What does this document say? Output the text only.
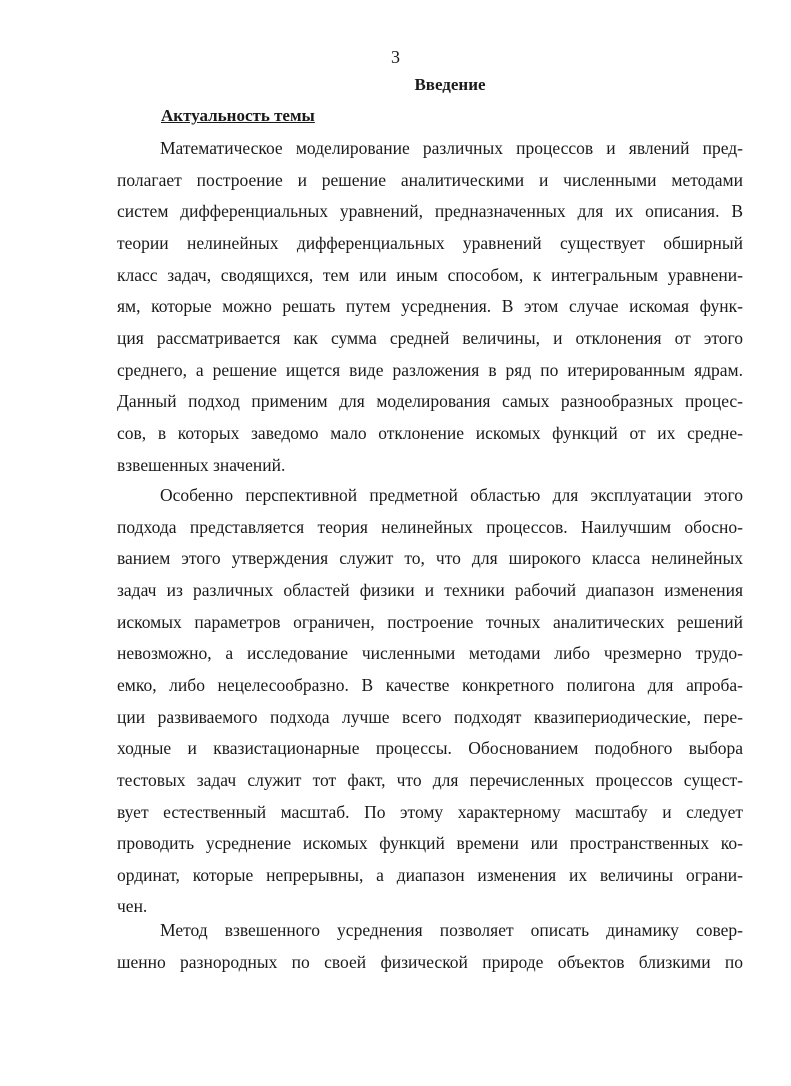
3
Введение
Актуальность темы
Математическое моделирование различных процессов и явлений пред-
полагает построение и решение аналитическими и численными методами
систем дифференциальных уравнений, предназначенных для их описания. В
теории нелинейных дифференциальных уравнений существует обширный
класс задач, сводящихся, тем или иным способом, к интегральным уравнени-
ям, которые можно решать путем усреднения. В этом случае искомая функ-
ция рассматривается как сумма средней величины, и отклонения от этого
среднего, а решение ищется виде разложения в ряд по итерированным ядрам.
Данный подход применим для моделирования самых разнообразных процес-
сов, в которых заведомо мало отклонение искомых функций от их средне-
взвешенных значений.
Особенно перспективной предметной областью для эксплуатации этого
подхода представляется теория нелинейных процессов. Наилучшим обосно-
ванием этого утверждения служит то, что для широкого класса нелинейных
задач из различных областей физики и техники рабочий диапазон изменения
искомых параметров ограничен, построение точных аналитических решений
невозможно, а исследование численными методами либо чрезмерно трудо-
емко, либо нецелесообразно. В качестве конкретного полигона для апроба-
ции развиваемого подхода лучше всего подходят квазипериодические, пере-
ходные и квазистационарные процессы. Обоснованием подобного выбора
тестовых задач служит тот факт, что для перечисленных процессов сущест-
вует естественный масштаб. По этому характерному масштабу и следует
проводить усреднение искомых функций времени или пространственных ко-
ординат, которые непрерывны, а диапазон изменения их величины ограни-
чен.
Метод взвешенного усреднения позволяет описать динамику совер-
шенно разнородных по своей физической природе объектов близкими по
